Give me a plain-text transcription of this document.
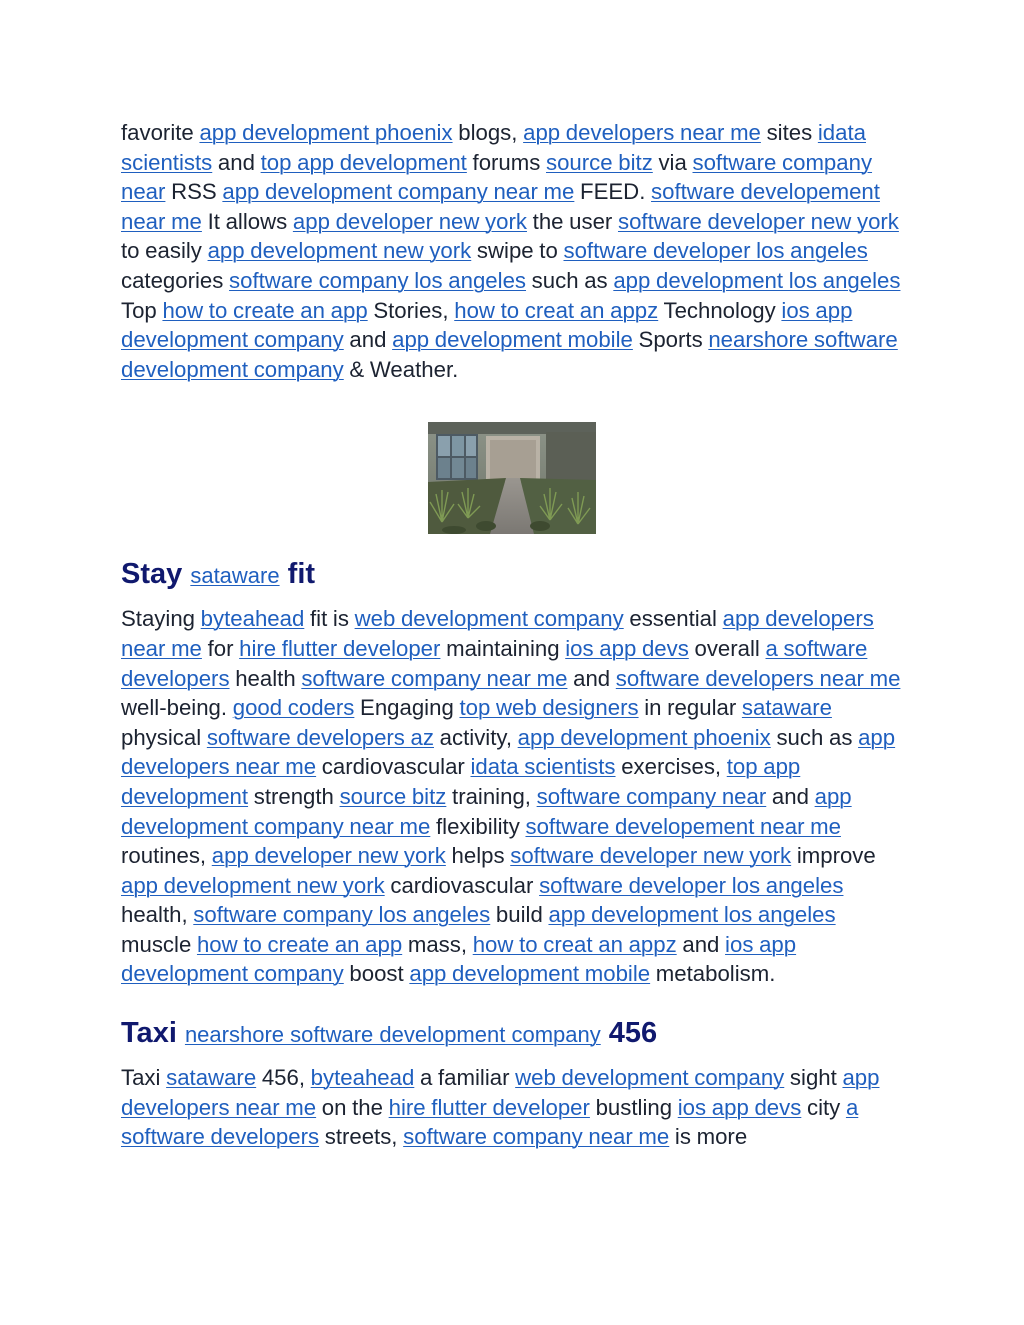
favorite app development phoenix blogs, app developers near me sites idata scientists and top app development forums source bitz via software company near RSS app development company near me FEED. software developement near me It allows app developer new york the user software developer new york to easily app development new york swipe to software developer los angeles categories software company los angeles such as app development los angeles Top how to create an app Stories, how to creat an appz Technology ios app development company and app development mobile Sports nearshore software development company & Weather.

Stay sataware fit

Staying byteahead fit is web development company essential app developers near me for hire flutter developer maintaining ios app devs overall a software developers health software company near me and software developers near me well-being. good coders Engaging top web designers in regular sataware physical software developers az activity, app development phoenix such as app developers near me cardiovascular idata scientists exercises, top app development strength source bitz training, software company near and app development company near me flexibility software developement near me routines, app developer new york helps software developer new york improve app development new york cardiovascular software developer los angeles health, software company los angeles build app development los angeles muscle how to create an app mass, how to creat an appz and ios app development company boost app development mobile metabolism.

Taxi nearshore software development company 456

Taxi sataware 456, byteahead a familiar web development company sight app developers near me on the hire flutter developer bustling ios app devs city a software developers streets, software company near me is more
